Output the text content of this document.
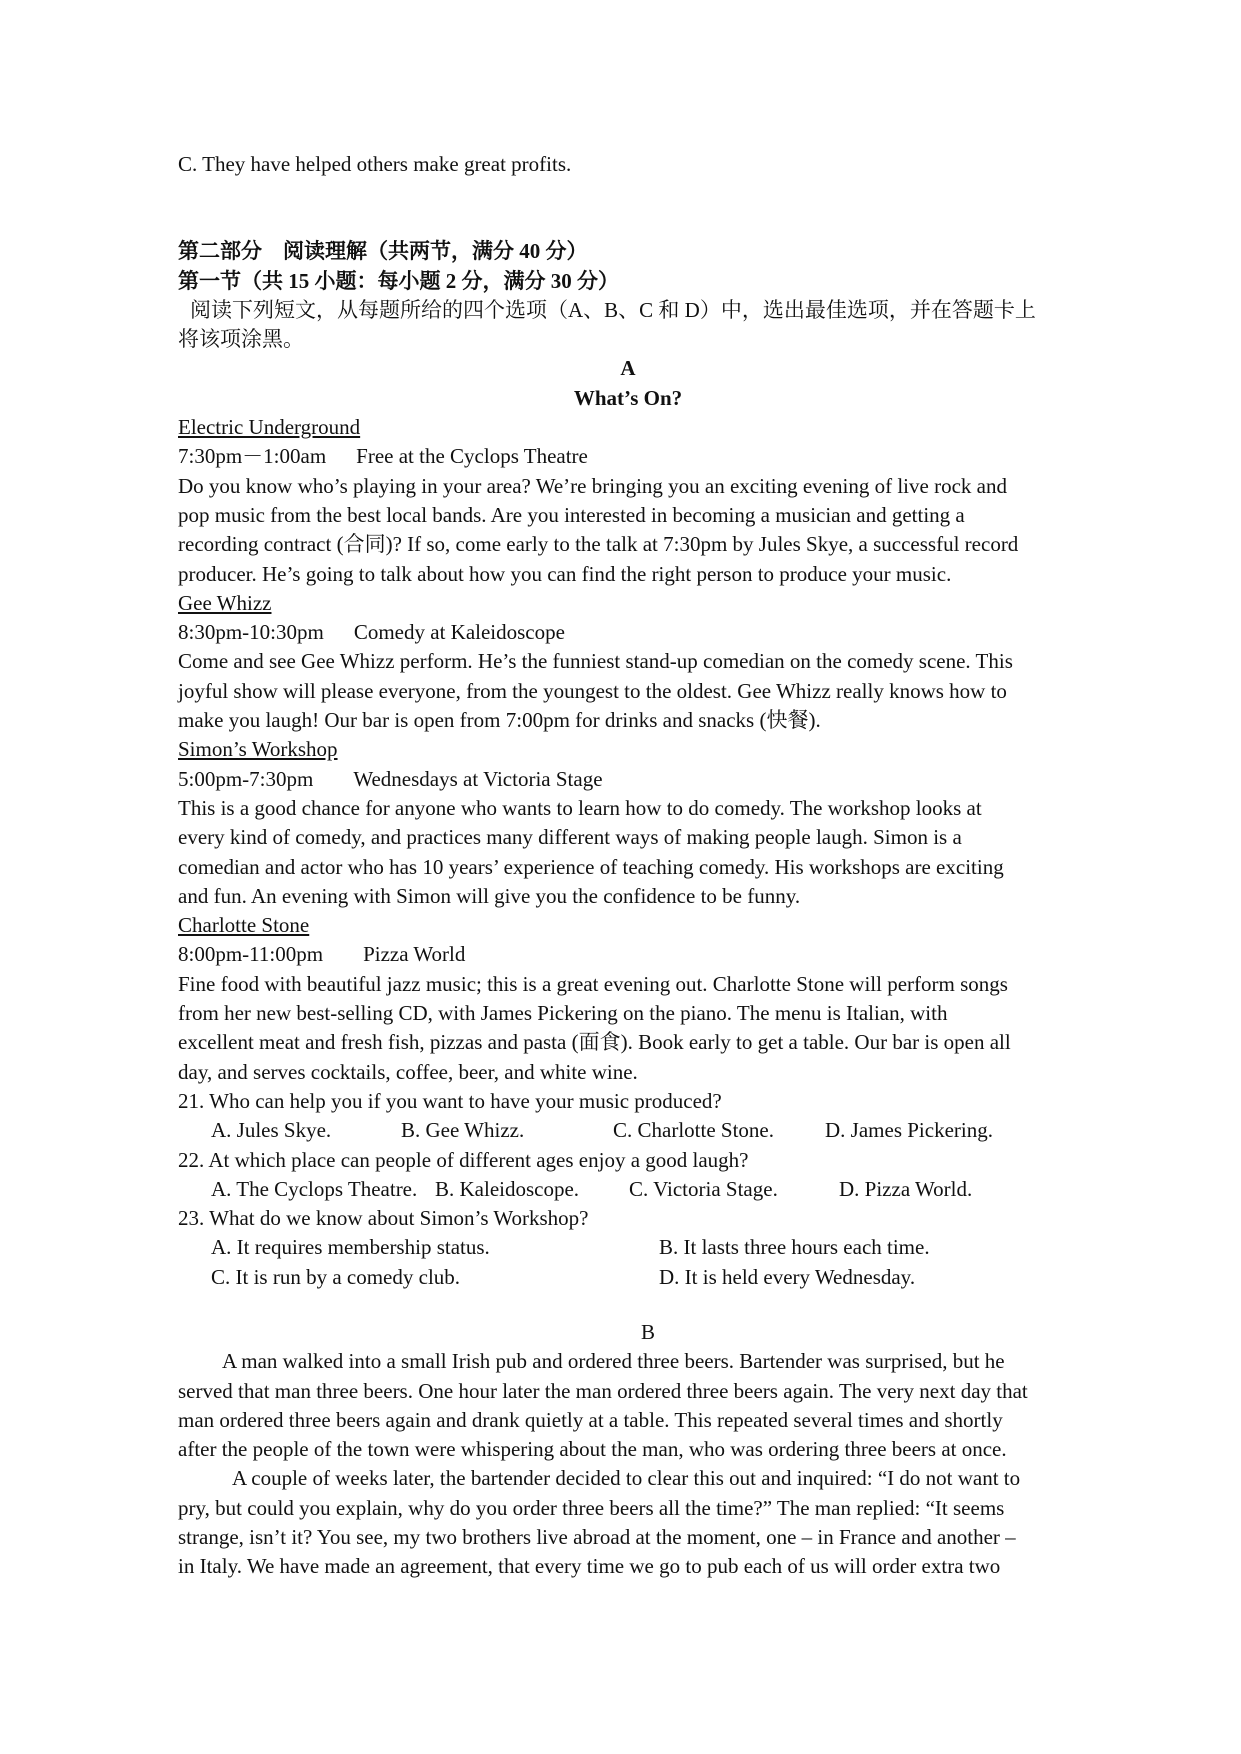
C. They have helped others make great profits.
第二部分　阅读理解（共两节，满分 40 分）
第一节（共 15 小题：每小题 2 分，满分 30 分）
阅读下列短文，从每题所给的四个选项（A、B、C 和 D）中，选出最佳选项，并在答题卡上
将该项涂黑。
A
What’s On?
Electric Underground
7:30pm－1:00am Free at the Cyclops Theatre
Do you know who’s playing in your area? We’re bringing you an exciting evening of live rock and
pop music from the best local bands. Are you interested in becoming a musician and getting a
recording contract (合同)? If so, come early to the talk at 7:30pm by Jules Skye, a successful record
producer. He’s going to talk about how you can find the right person to produce your music.
Gee Whizz
8:30pm-10:30pm Comedy at Kaleidoscope
Come and see Gee Whizz perform. He’s the funniest stand-up comedian on the comedy scene. This
joyful show will please everyone, from the youngest to the oldest. Gee Whizz really knows how to
make you laugh! Our bar is open from 7:00pm for drinks and snacks (快餐).
Simon’s Workshop
5:00pm-7:30pm Wednesdays at Victoria Stage
This is a good chance for anyone who wants to learn how to do comedy. The workshop looks at
every kind of comedy, and practices many different ways of making people laugh. Simon is a
comedian and actor who has 10 years’ experience of teaching comedy. His workshops are exciting
and fun. An evening with Simon will give you the confidence to be funny.
Charlotte Stone
8:00pm-11:00pm Pizza World
Fine food with beautiful jazz music; this is a great evening out. Charlotte Stone will perform songs
from her new best-selling CD, with James Pickering on the piano. The menu is Italian, with
excellent meat and fresh fish, pizzas and pasta (面食). Book early to get a table. Our bar is open all
day, and serves cocktails, coffee, beer, and white wine.
21. Who can help you if you want to have your music produced?
A. Jules Skye.	B. Gee Whizz.	C. Charlotte Stone.	D. James Pickering.
22. At which place can people of different ages enjoy a good laugh?
A. The Cyclops Theatre. B. Kaleidoscope.	C. Victoria Stage.	D. Pizza World.
23. What do we know about Simon’s Workshop?
A. It requires membership status.	B. It lasts three hours each time.
C. It is run by a comedy club.	D. It is held every Wednesday.
B
A man walked into a small Irish pub and ordered three beers. Bartender was surprised, but he
served that man three beers. One hour later the man ordered three beers again. The very next day that
man ordered three beers again and drank quietly at a table. This repeated several times and shortly
after the people of the town were whispering about the man, who was ordering three beers at once.
A couple of weeks later, the bartender decided to clear this out and inquired: “I do not want to
pry, but could you explain, why do you order three beers all the time?” The man replied: “It seems
strange, isn’t it? You see, my two brothers live abroad at the moment, one – in France and another –
in Italy. We have made an agreement, that every time we go to pub each of us will order extra two
